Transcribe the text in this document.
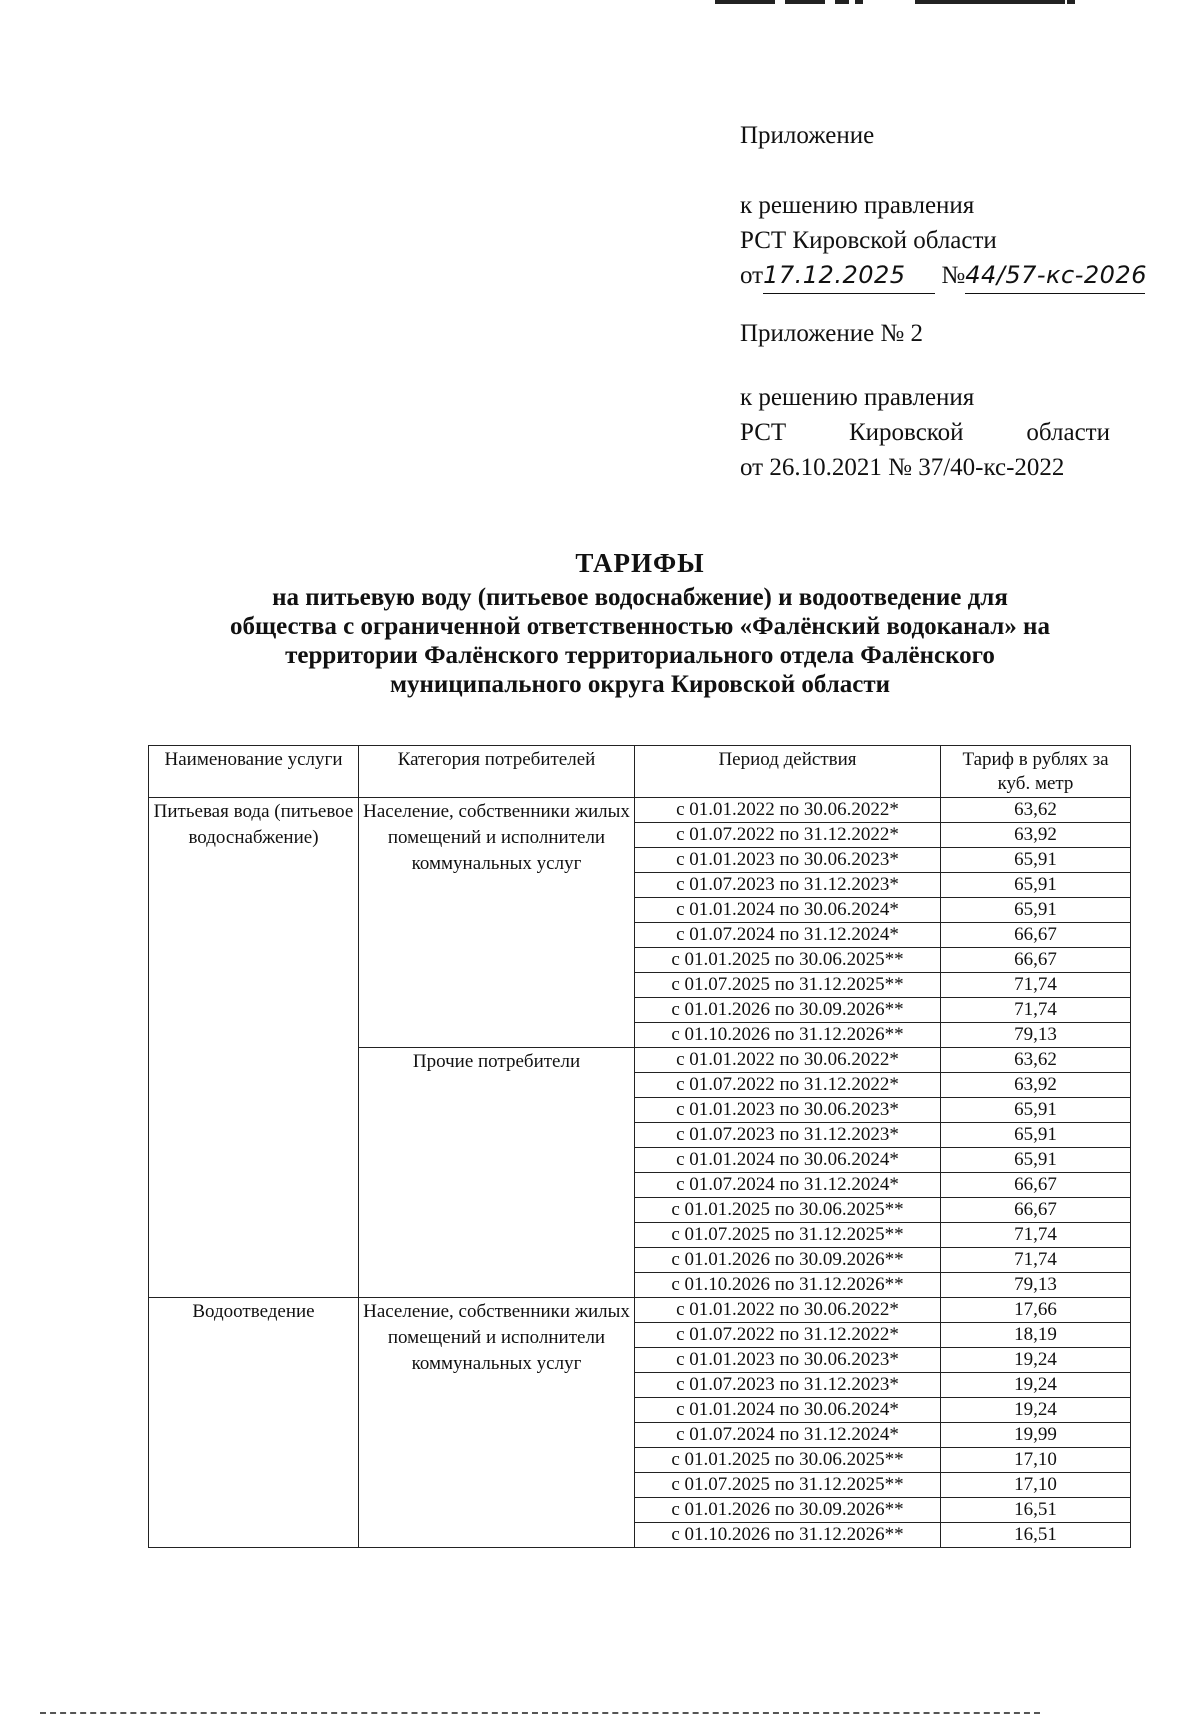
Приложение
к решению правления
РСТ Кировской области
от17.12.2025 №44/57-кс-2026
Приложение № 2
к решению правления
РСТ	Кировской	области
от 26.10.2021 № 37/40-кс-2022
ТАРИФЫ
на питьевую воду (питьевое водоснабжение) и водоотведение для
общества с ограниченной ответственностью «Фалёнский водоканал» на
территории Фалёнского территориального отдела Фалёнского
муниципального округа Кировской области
Наименование услуги	Категория потребителей	Период действия	Тариф в рублях за куб. метр
Питьевая вода (питьевое водоснабжение)	Население, собственники жилых помещений и исполнители коммунальных услуг	с 01.01.2022 по 30.06.2022*	63,62
		с 01.07.2022 по 31.12.2022*	63,92
		с 01.01.2023 по 30.06.2023*	65,91
		с 01.07.2023 по 31.12.2023*	65,91
		с 01.01.2024 по 30.06.2024*	65,91
		с 01.07.2024 по 31.12.2024*	66,67
		с 01.01.2025 по 30.06.2025**	66,67
		с 01.07.2025 по 31.12.2025**	71,74
		с 01.01.2026 по 30.09.2026**	71,74
		с 01.10.2026 по 31.12.2026**	79,13
	Прочие потребители	с 01.01.2022 по 30.06.2022*	63,62
		с 01.07.2022 по 31.12.2022*	63,92
		с 01.01.2023 по 30.06.2023*	65,91
		с 01.07.2023 по 31.12.2023*	65,91
		с 01.01.2024 по 30.06.2024*	65,91
		с 01.07.2024 по 31.12.2024*	66,67
		с 01.01.2025 по 30.06.2025**	66,67
		с 01.07.2025 по 31.12.2025**	71,74
		с 01.01.2026 по 30.09.2026**	71,74
		с 01.10.2026 по 31.12.2026**	79,13
Водоотведение	Население, собственники жилых помещений и исполнители коммунальных услуг	с 01.01.2022 по 30.06.2022*	17,66
		с 01.07.2022 по 31.12.2022*	18,19
		с 01.01.2023 по 30.06.2023*	19,24
		с 01.07.2023 по 31.12.2023*	19,24
		с 01.01.2024 по 30.06.2024*	19,24
		с 01.07.2024 по 31.12.2024*	19,99
		с 01.01.2025 по 30.06.2025**	17,10
		с 01.07.2025 по 31.12.2025**	17,10
		с 01.01.2026 по 30.09.2026**	16,51
		с 01.10.2026 по 31.12.2026**	16,51
